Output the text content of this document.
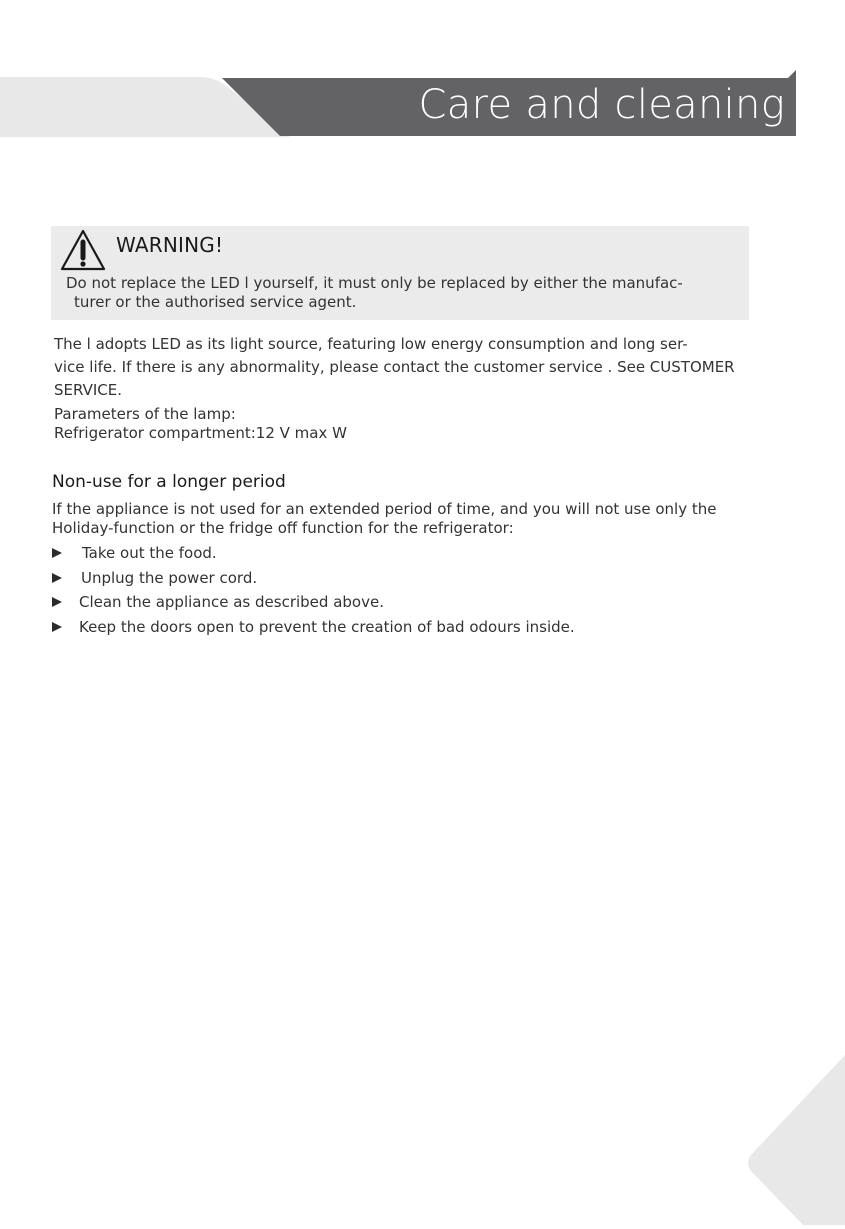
Care and cleaning
WARNING!
Do not replace the LED l yourself, it must only be replaced by either the manufac-
turer or the authorised service agent.
The l adopts LED as its light source, featuring low energy consumption and long ser-
vice life. If there is any abnormality, please contact the customer service . See CUSTOMER
SERVICE.
Parameters of the lamp:
Refrigerator compartment:12 V max W
Non-use for a longer period
If the appliance is not used for an extended period of time, and you will not use only the
Holiday-function or the fridge off function for the refrigerator:
Take out the food.
Unplug the power cord.
Clean the appliance as described above.
Keep the doors open to prevent the creation of bad odours inside.
